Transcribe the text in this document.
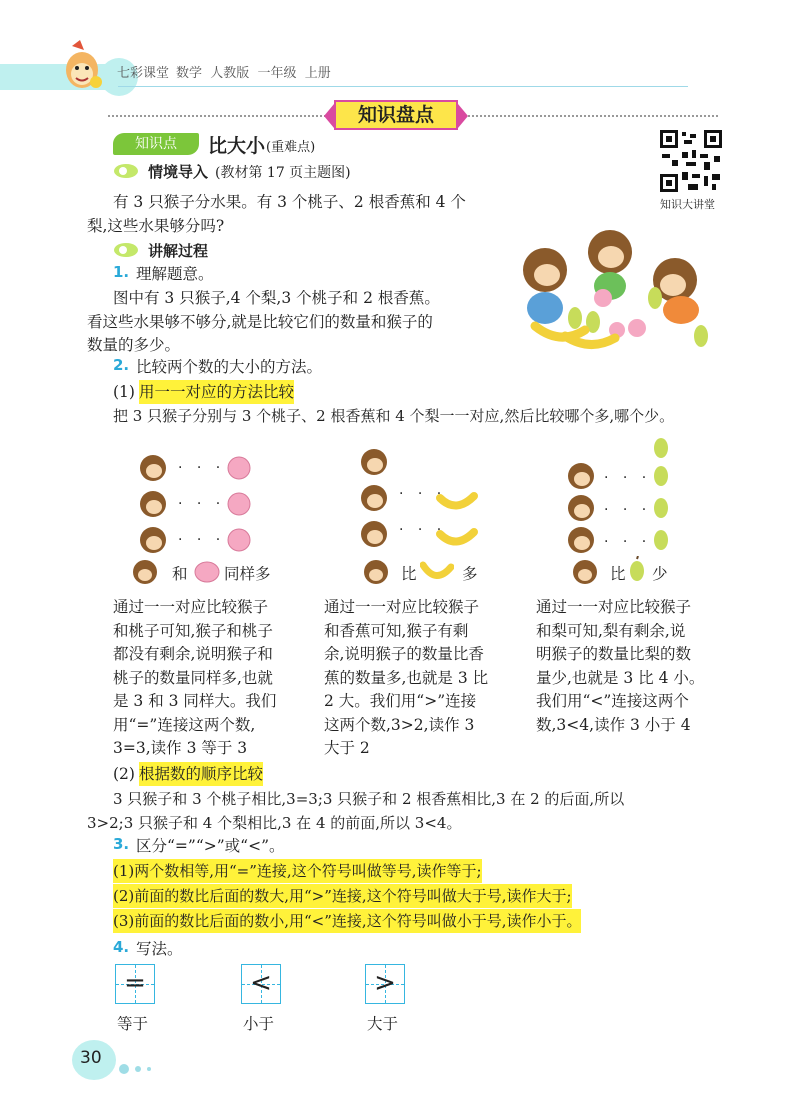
七彩课堂 数学  人教版  一年级  上册
知识盘点
知识点	比大小 (重难点)
知识大讲堂
情境导入 (教材第 17 页主题图)
有 3 只猴子分水果。有 3 个桃子、2 根香蕉和 4 个
梨,这些水果够分吗?
讲解过程
1. 理解题意。
图中有 3 只猴子,4 个梨,3 个桃子和 2 根香蕉。
看这些水果够不够分,就是比较它们的数量和猴子的
数量的多少。
2. 比较两个数的大小的方法。
(1) 用一一对应的方法比较
把 3 只猴子分别与 3 个桃子、2 根香蕉和 4 个梨一一对应,然后比较哪个多,哪个少。
· · ·
· · ·
· · ·
· · ·
· · ·
· · ·
· · ·
· · ·
和 同样多	比	多	比 少
通过一一对应比较猴子
和桃子可知,猴子和桃子
都没有剩余,说明猴子和
桃子的数量同样多,也就
是 3 和 3 同样大。我们
用“=”连接这两个数,
3=3,读作 3 等于 3
通过一一对应比较猴子
和香蕉可知,猴子有剩
余,说明猴子的数量比香
蕉的数量多,也就是 3 比
2 大。我们用“>”连接
这两个数,3>2,读作 3
大于 2
通过一一对应比较猴子
和梨可知,梨有剩余,说
明猴子的数量比梨的数
量少,也就是 3 比 4 小。
我们用“<”连接这两个
数,3<4,读作 3 小于 4
(2) 根据数的顺序比较
3 只猴子和 3 个桃子相比,3=3;3 只猴子和 2 根香蕉相比,3 在 2 的后面,所以
3>2;3 只猴子和 4 个梨相比,3 在 4 的前面,所以 3<4。
3. 区分“=”“>”或“<”。
(1)两个数相等,用“=”连接,这个符号叫做等号,读作等于;
(2)前面的数比后面的数大,用“>”连接,这个符号叫做大于号,读作大于;
(3)前面的数比后面的数小,用“<”连接,这个符号叫做小于号,读作小于。
4. 写法。
=
等于
<
小于
>
大于
30
